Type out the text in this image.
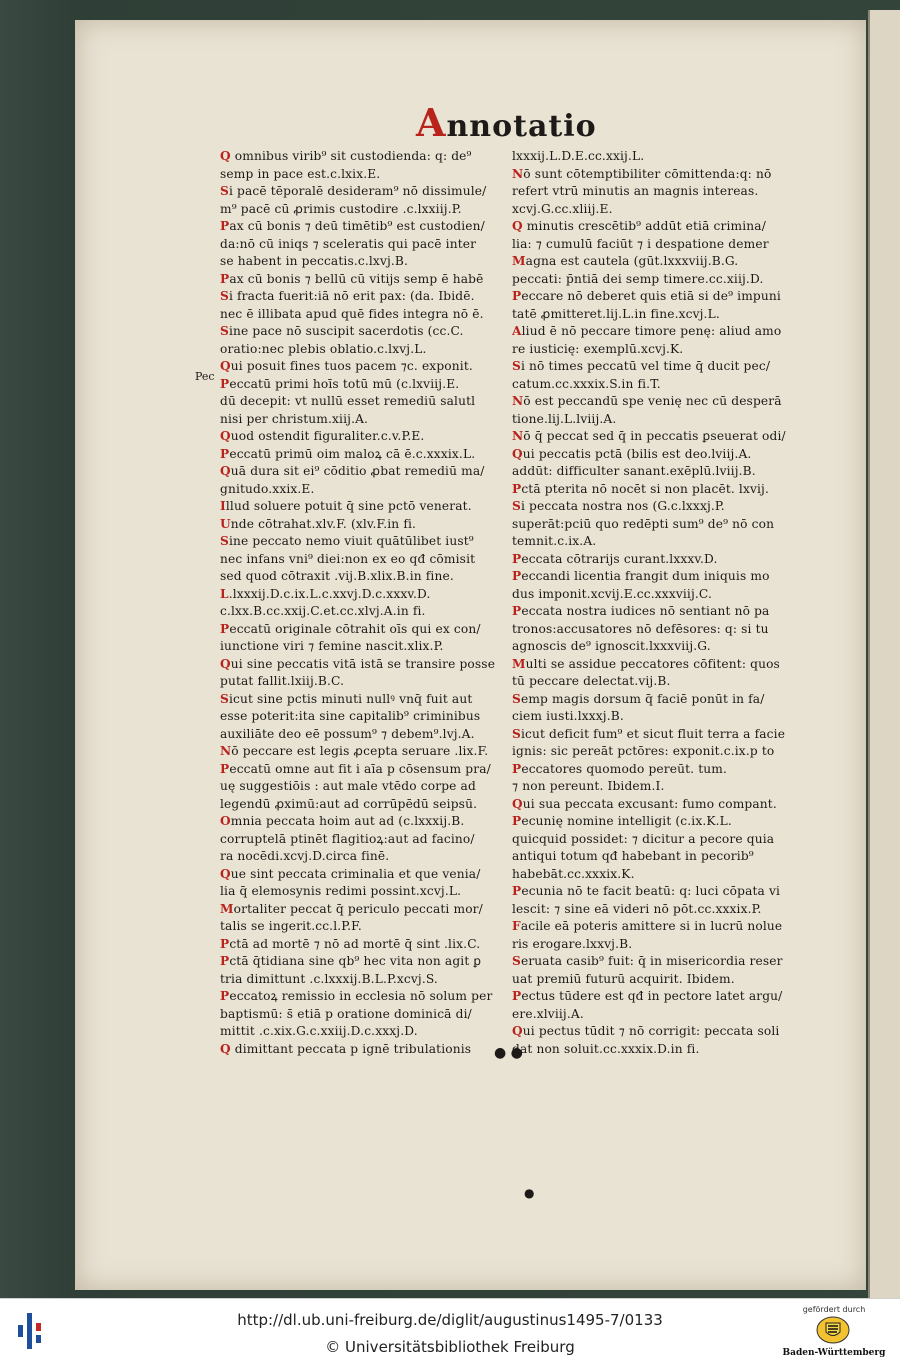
Annotatio
Pec
Q omnibus virib⁹ sit custodienda: q: de⁹
semp in pace est.c.lxix.E.
Si pacē tēporalē desideram⁹ nō dissimule/
m⁹ pacē cū ꝓrimis custodire .c.lxxiij.P.
Pax cū bonis ⁊ deū timētib⁹ est custodien/
da:nō cū iniqs ⁊ sceleratis qui pacē inter
se habent in peccatis.c.lxvj.B.
Pax cū bonis ⁊ bellū cū vitijs semp ē habē
Si fracta fuerit:iā nō erit pax: (da. Ibidē.
nec ē illibata apud quē fides integra nō ē.
Sine pace nō suscipit sacerdotis (cc.C.
oratio:nec plebis oblatio.c.lxvj.L.
Qui posuit fines tuos pacem ⁊c. exponit.
Peccatū primi hoīs totū mū (c.lxviij.E.
dū decepit: vt nullū esset remediū salutl
nisi per christum.xiij.A.
Quod ostendit figuraliter.c.v.P.E.
Peccatū primū oim maloꝝ cā ē.c.xxxix.L.
Quā dura sit ei⁹ cōditio ꝓbat remediū ma/
gnitudo.xxix.E.
Illud soluere potuit q̄ sine pctō venerat.
Unde cōtrahat.xlv.F. (xlv.F.in fi.
Sine peccato nemo viuit quātūlibet iust⁹
nec infans vni⁹ diei:non ex eo qđ cōmisit
sed quod cōtraxit .vij.B.xlix.B.in fine.
L.lxxxij.D.c.ix.L.c.xxvj.D.c.xxxv.D.
c.lxx.B.cc.xxij.C.et.cc.xlvj.A.in fi.
Peccatū originale cōtrahit oīs qui ex con/
iunctione viri ⁊ femine nascit.xlix.P.
Qui sine peccatis vitā istā se transire posse
putat fallit.lxiij.B.C.
Sicut sine pctis minuti nullꝰ vnq̄ fuit aut
esse poterit:ita sine capitalib⁹ criminibus
auxiliāte deo eē possum⁹ ⁊ debem⁹.lvj.A.
Nō peccare est legis ꝓcepta seruare .lix.F.
Peccatū omne aut fit i aīa p cōsensum pra/
uę suggestiōis : aut male vtēdo corpe ad
legendū ꝓximū:aut ad corrūpēdū seipsū.
Omnia peccata hoim aut ad (c.lxxxij.B.
corruptelā ptinēt flagitioꝝ:aut ad facino/
ra nocēdi.xcvj.D.circa finē.
Que sint peccata criminalia et que venia/
lia q̄ elemosynis redimi possint.xcvj.L.
Mortaliter peccat q̄ periculo peccati mor/
talis se ingerit.cc.l.P.F.
Pctā ad mortē ⁊ nō ad mortē q̄ sint .lix.C.
Pctā q̄tidiana sine qb⁹ hec vita non agit ꝑ
tria dimittunt .c.lxxxij.B.L.P.xcvj.S.
Peccatoꝝ remissio in ecclesia nō solum per
baptismū: s̄ etiā p oratione dominicā di/
mittit .c.xix.G.c.xxiij.D.c.xxxj.D.
Q dimittant peccata p ignē tribulationis
lxxxij.L.D.E.cc.xxij.L.
Nō sunt cōtemptibiliter cōmittenda:q: nō
refert vtrū minutis an magnis intereas.
xcvj.G.cc.xliij.E.
Q minutis crescētib⁹ addūt etiā crimina/
lia: ⁊ cumulū faciūt ⁊ i despatione demer
Magna est cautela (gūt.lxxxviij.B.G.
peccati: p̄ntiā dei semp timere.cc.xiij.D.
Peccare nō deberet quis etiā si de⁹ impuni
tatē ꝓmitteret.lij.L.in fine.xcvj.L.
Aliud ē nō peccare timore penę: aliud amo
re iusticię: exemplū.xcvj.K.
Si nō times peccatū vel time q̄ ducit pec/
catum.cc.xxxix.S.in fi.T.
Nō est peccandū spe venię nec cū desperā
tione.lij.L.lviij.A.
Nō q̄ peccat sed q̄ in peccatis ꝑseuerat odi/
Qui peccatis pctā (bilis est deo.lviij.A.
addūt: difficulter sanant.exēplū.lviij.B.
Pctā pterita nō nocēt si non placēt. lxvij.
Si peccata nostra nos (G.c.lxxxj.P.
superāt:pciū quo redēpti sum⁹ de⁹ nō con
temnit.c.ix.A.
Peccata cōtrarijs curant.lxxxv.D.
Peccandi licentia frangit dum iniquis mo
dus imponit.xcvij.E.cc.xxxviij.C.
Peccata nostra iudices nō sentiant nō pa
tronos:accusatores nō defēsores: q: si tu
agnoscis de⁹ ignoscit.lxxxviij.G.
Multi se assidue peccatores cōfitent: quos
tū peccare delectat.vij.B.
Semp magis dorsum q̄ faciē ponūt in fa/
ciem iusti.lxxxj.B.
Sicut deficit fum⁹ et sicut fluit terra a facie
ignis: sic pereāt pctōres: exponit.c.ix.p to
Peccatores quomodo pereūt. tum.
⁊ non pereunt. Ibidem.I.
Qui sua peccata excusant: fumo compant.
Pecunię nomine intelligit (c.ix.K.L.
quicquid possidet: ⁊ dicitur a pecore quia
antiqui totum qđ habebant in pecorib⁹
habebāt.cc.xxxix.K.
Pecunia nō te facit beatū: q: luci cōpata vi
lescit: ⁊ sine eā videri nō pōt.cc.xxxix.P.
Facile eā poteris amittere si in lucrū nolue
ris erogare.lxxvj.B.
Seruata casib⁹ fuit: q̄ in misericordia reser
uat premiū futurū acquirit. Ibidem.
Pectus tūdere est qđ in pectore latet argu/
ere.xlviij.A.
Qui pectus tūdit ⁊ nō corrigit: peccata soli
dat non soluit.cc.xxxix.D.in fi.
● ●
●
http://dl.ub.uni-freiburg.de/diglit/augustinus1495-7/0133
© Universitätsbibliothek Freiburg
gefördert durch
Baden-Württemberg
